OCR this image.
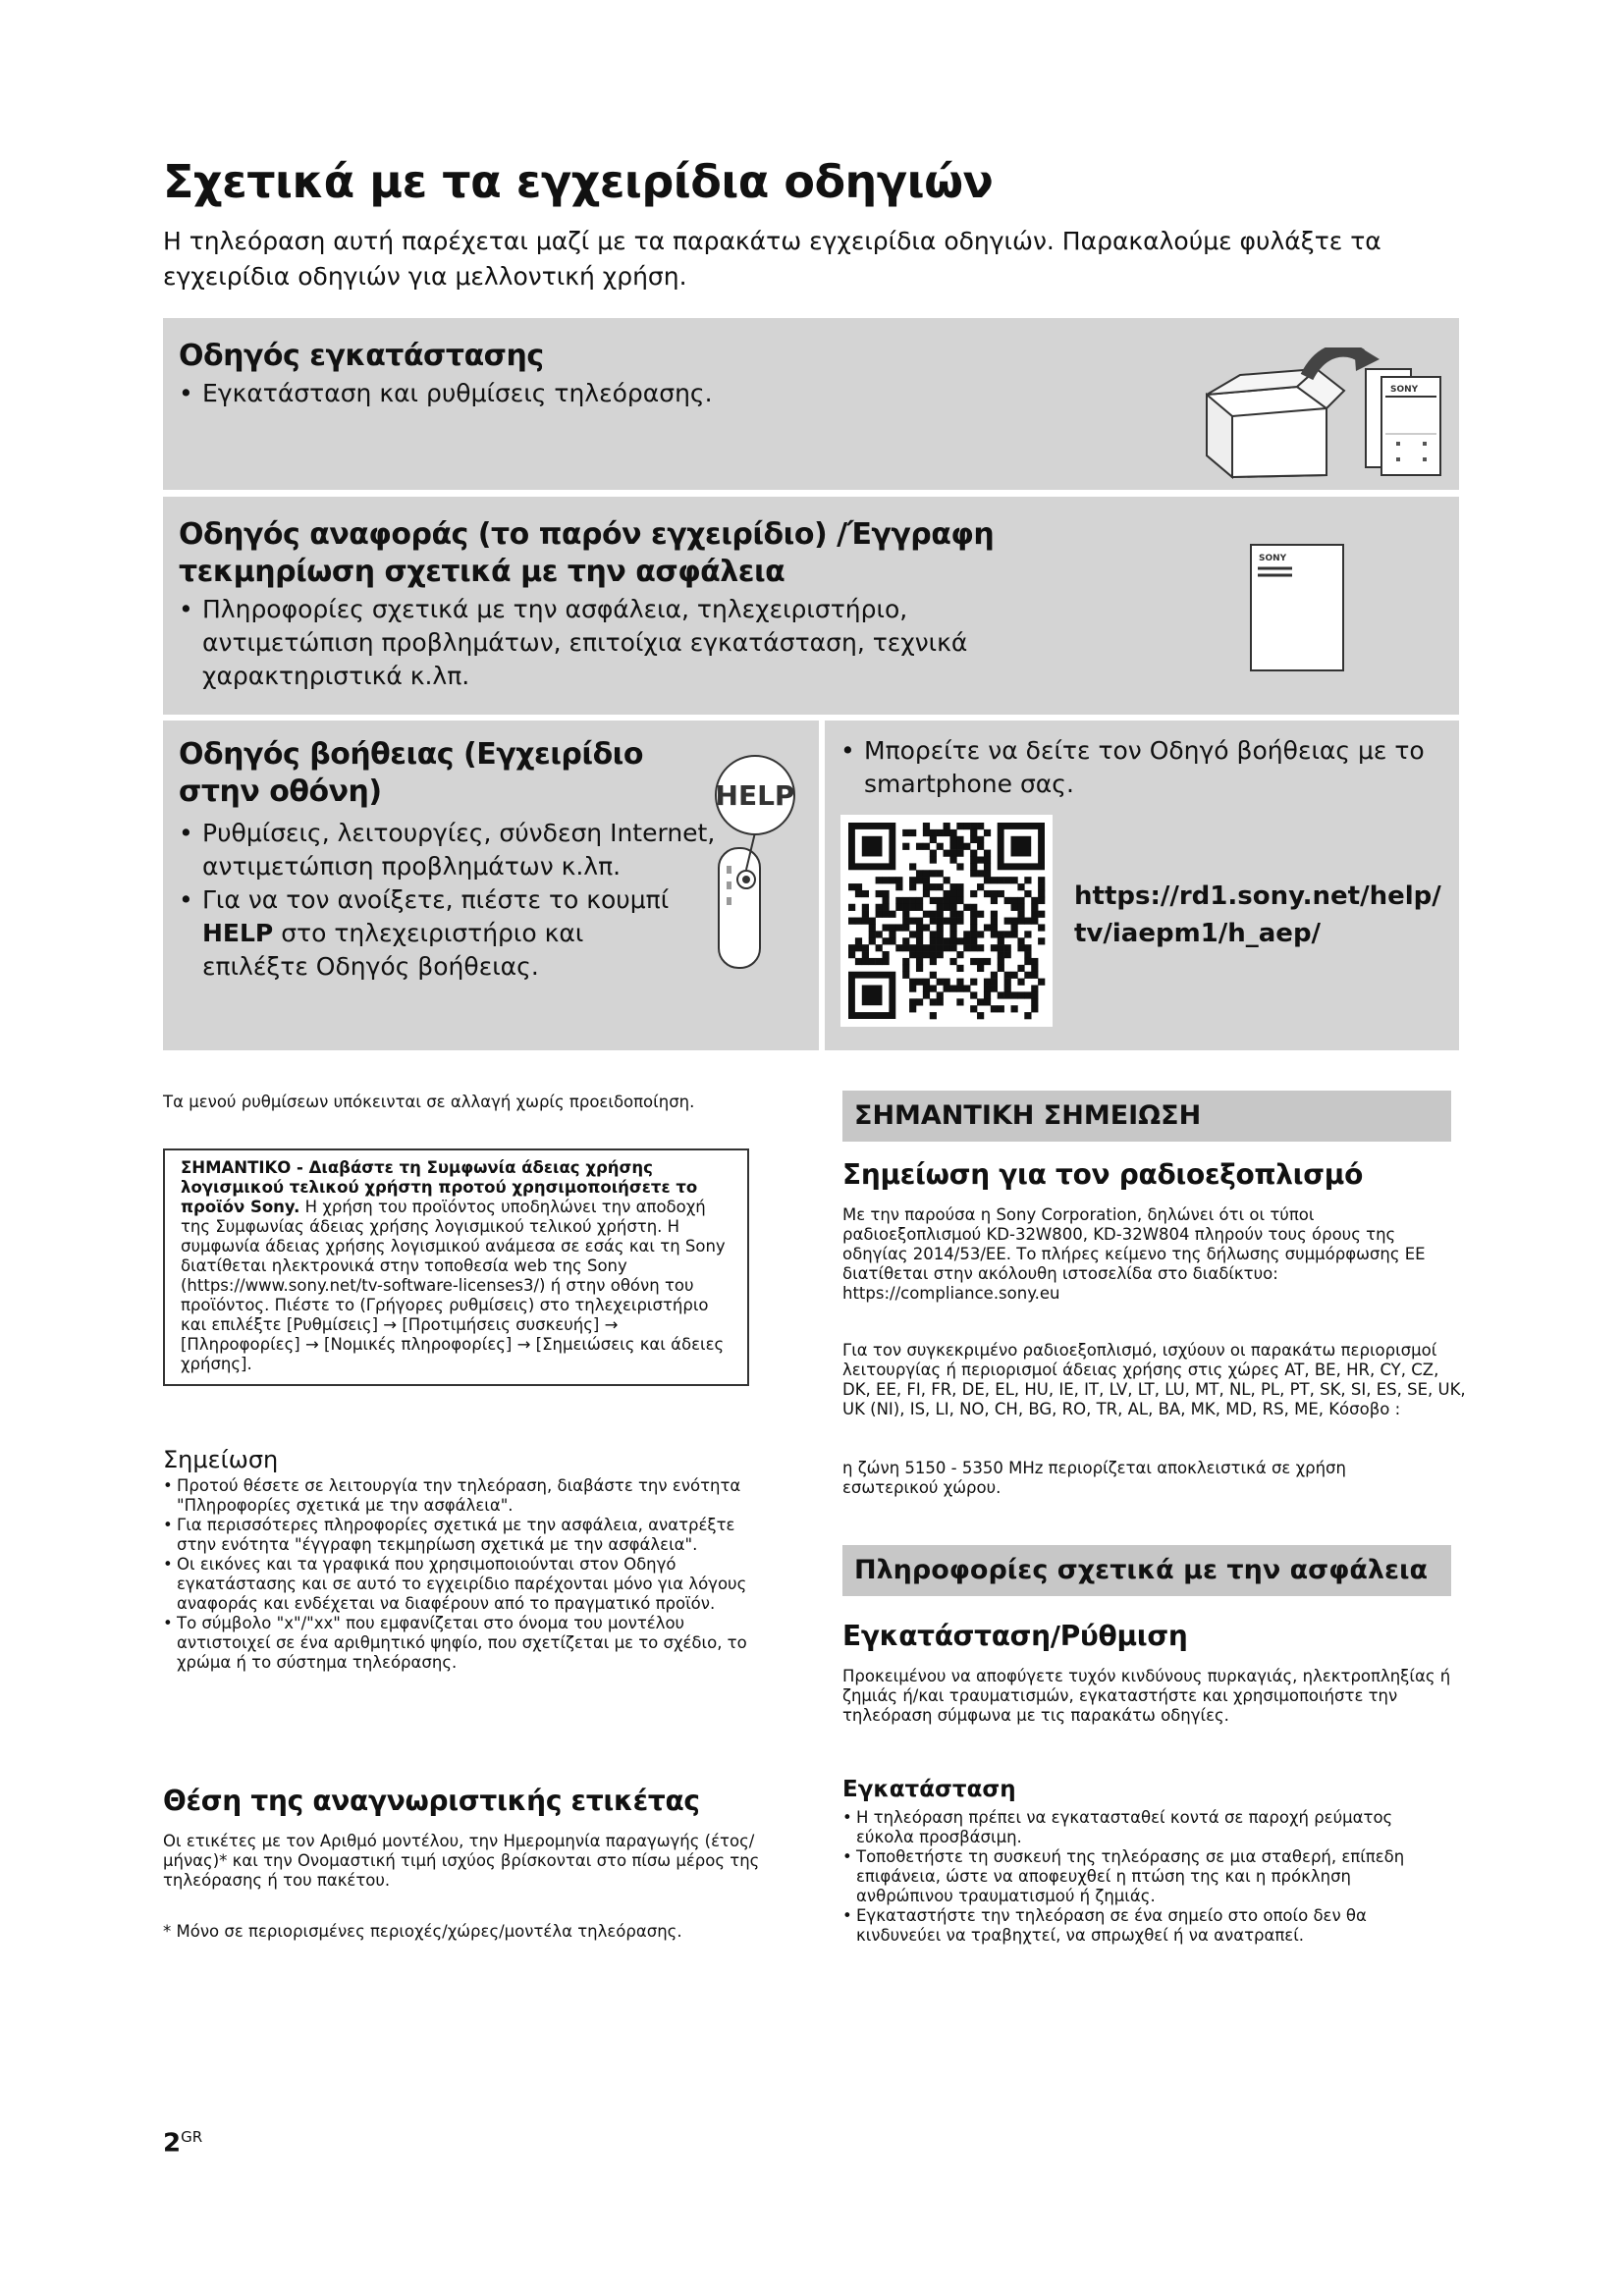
Σχετικά με τα εγχειρίδια οδηγιών
Η τηλεόραση αυτή παρέχεται μαζί με τα παρακάτω εγχειρίδια οδηγιών. Παρακαλούμε φυλάξτε τα εγχειρίδια οδηγιών για μελλοντική χρήση.
Οδηγός εγκατάστασης
• Εγκατάσταση και ρυθμίσεις τηλεόρασης.	SONY
Οδηγός αναφοράς (το παρόν εγχειρίδιο) /Έγγραφη τεκμηρίωση σχετικά με την ασφάλεια
• Πληροφορίες σχετικά με την ασφάλεια, τηλεχειριστήριο, αντιμετώπιση προβλημάτων, επιτοίχια εγκατάσταση, τεχνικά χαρακτηριστικά κ.λπ.
SONY
Οδηγός βοήθειας (Εγχειρίδιο στην οθόνη)
• Ρυθμίσεις, λειτουργίες, σύνδεση Internet, αντιμετώπιση προβλημάτων κ.λπ.
• Για να τον ανοίξετε, πιέστε το κουμπί HELP στο τηλεχειριστήριο και επιλέξτε Οδηγός βοήθειας.
HELP
• Μπορείτε να δείτε τον Οδηγό βοήθειας με το smartphone σας.
https://rd1.sony.net/help/tv/iaepm1/h_aep/
Τα μενού ρυθμίσεων υπόκεινται σε αλλαγή χωρίς προειδοποίηση.
ΣΗΜΑΝΤΙΚΟ - Διαβάστε τη Συμφωνία άδειας χρήσης λογισμικού τελικού χρήστη προτού χρησιμοποιήσετε το προϊόν Sony. Η χρήση του προϊόντος υποδηλώνει την αποδοχή της Συμφωνίας άδειας χρήσης λογισμικού τελικού χρήστη. Η συμφωνία άδειας χρήσης λογισμικού ανάμεσα σε εσάς και τη Sony διατίθεται ηλεκτρονικά στην τοποθεσία web της Sony (https://www.sony.net/tv-software-licenses3/) ή στην οθόνη του προϊόντος. Πιέστε το (Γρήγορες ρυθμίσεις) στο τηλεχειριστήριο και επιλέξτε [Ρυθμίσεις] → [Προτιμήσεις συσκευής] → [Πληροφορίες] → [Νομικές πληροφορίες] → [Σημειώσεις και άδειες χρήσης].
Σημείωση
• Προτού θέσετε σε λειτουργία την τηλεόραση, διαβάστε την ενότητα "Πληροφορίες σχετικά με την ασφάλεια".
• Για περισσότερες πληροφορίες σχετικά με την ασφάλεια, ανατρέξτε στην ενότητα "έγγραφη τεκμηρίωση σχετικά με την ασφάλεια".
• Οι εικόνες και τα γραφικά που χρησιμοποιούνται στον Οδηγό εγκατάστασης και σε αυτό το εγχειρίδιο παρέχονται μόνο για λόγους αναφοράς και ενδέχεται να διαφέρουν από το πραγματικό προϊόν.
• Το σύμβολο "x"/"xx" που εμφανίζεται στο όνομα του μοντέλου αντιστοιχεί σε ένα αριθμητικό ψηφίο, που σχετίζεται με το σχέδιο, το χρώμα ή το σύστημα τηλεόρασης.
Θέση της αναγνωριστικής ετικέτας
Οι ετικέτες με τον Αριθμό μοντέλου, την Ημερομηνία παραγωγής (έτος/μήνας)* και την Ονομαστική τιμή ισχύος βρίσκονται στο πίσω μέρος της τηλεόρασης ή του πακέτου.
* Μόνο σε περιορισμένες περιοχές/χώρες/μοντέλα τηλεόρασης.
ΣΗΜΑΝΤΙΚΗ ΣΗΜΕΙΩΣΗ
Σημείωση για τον ραδιοεξοπλισμό
Με την παρούσα η Sony Corporation, δηλώνει ότι οι τύποι ραδιοεξοπλισμού KD-32W800, KD-32W804 πληρούν τους όρους της οδηγίας 2014/53/ΕΕ. Το πλήρες κείμενο της δήλωσης συμμόρφωσης ΕΕ διατίθεται στην ακόλουθη ιστοσελίδα στο διαδίκτυο: https://compliance.sony.eu
Για τον συγκεκριμένο ραδιοεξοπλισμό, ισχύουν οι παρακάτω περιορισμοί λειτουργίας ή περιορισμοί άδειας χρήσης στις χώρες AT, BE, HR, CY, CZ, DK, EE, FI, FR, DE, EL, HU, IE, IT, LV, LT, LU, MT, NL, PL, PT, SK, SI, ES, SE, UK, UK (NI), IS, LI, NO, CH, BG, RO, TR, AL, BA, MK, MD, RS, ME, Κόσοβο :
η ζώνη 5150 - 5350 MHz περιορίζεται αποκλειστικά σε χρήση εσωτερικού χώρου.
Πληροφορίες σχετικά με την ασφάλεια
Εγκατάσταση/Ρύθμιση
Προκειμένου να αποφύγετε τυχόν κινδύνους πυρκαγιάς, ηλεκτροπληξίας ή ζημιάς ή/και τραυματισμών, εγκαταστήστε και χρησιμοποιήστε την τηλεόραση σύμφωνα με τις παρακάτω οδηγίες.
Εγκατάσταση
• Η τηλεόραση πρέπει να εγκατασταθεί κοντά σε παροχή ρεύματος εύκολα προσβάσιμη.
• Τοποθετήστε τη συσκευή της τηλεόρασης σε μια σταθερή, επίπεδη επιφάνεια, ώστε να αποφευχθεί η πτώση της και η πρόκληση ανθρώπινου τραυματισμού ή ζημιάς.
• Εγκαταστήστε την τηλεόραση σε ένα σημείο στο οποίο δεν θα κινδυνεύει να τραβηχτεί, να σπρωχθεί ή να ανατραπεί.
$2^{GR}$
